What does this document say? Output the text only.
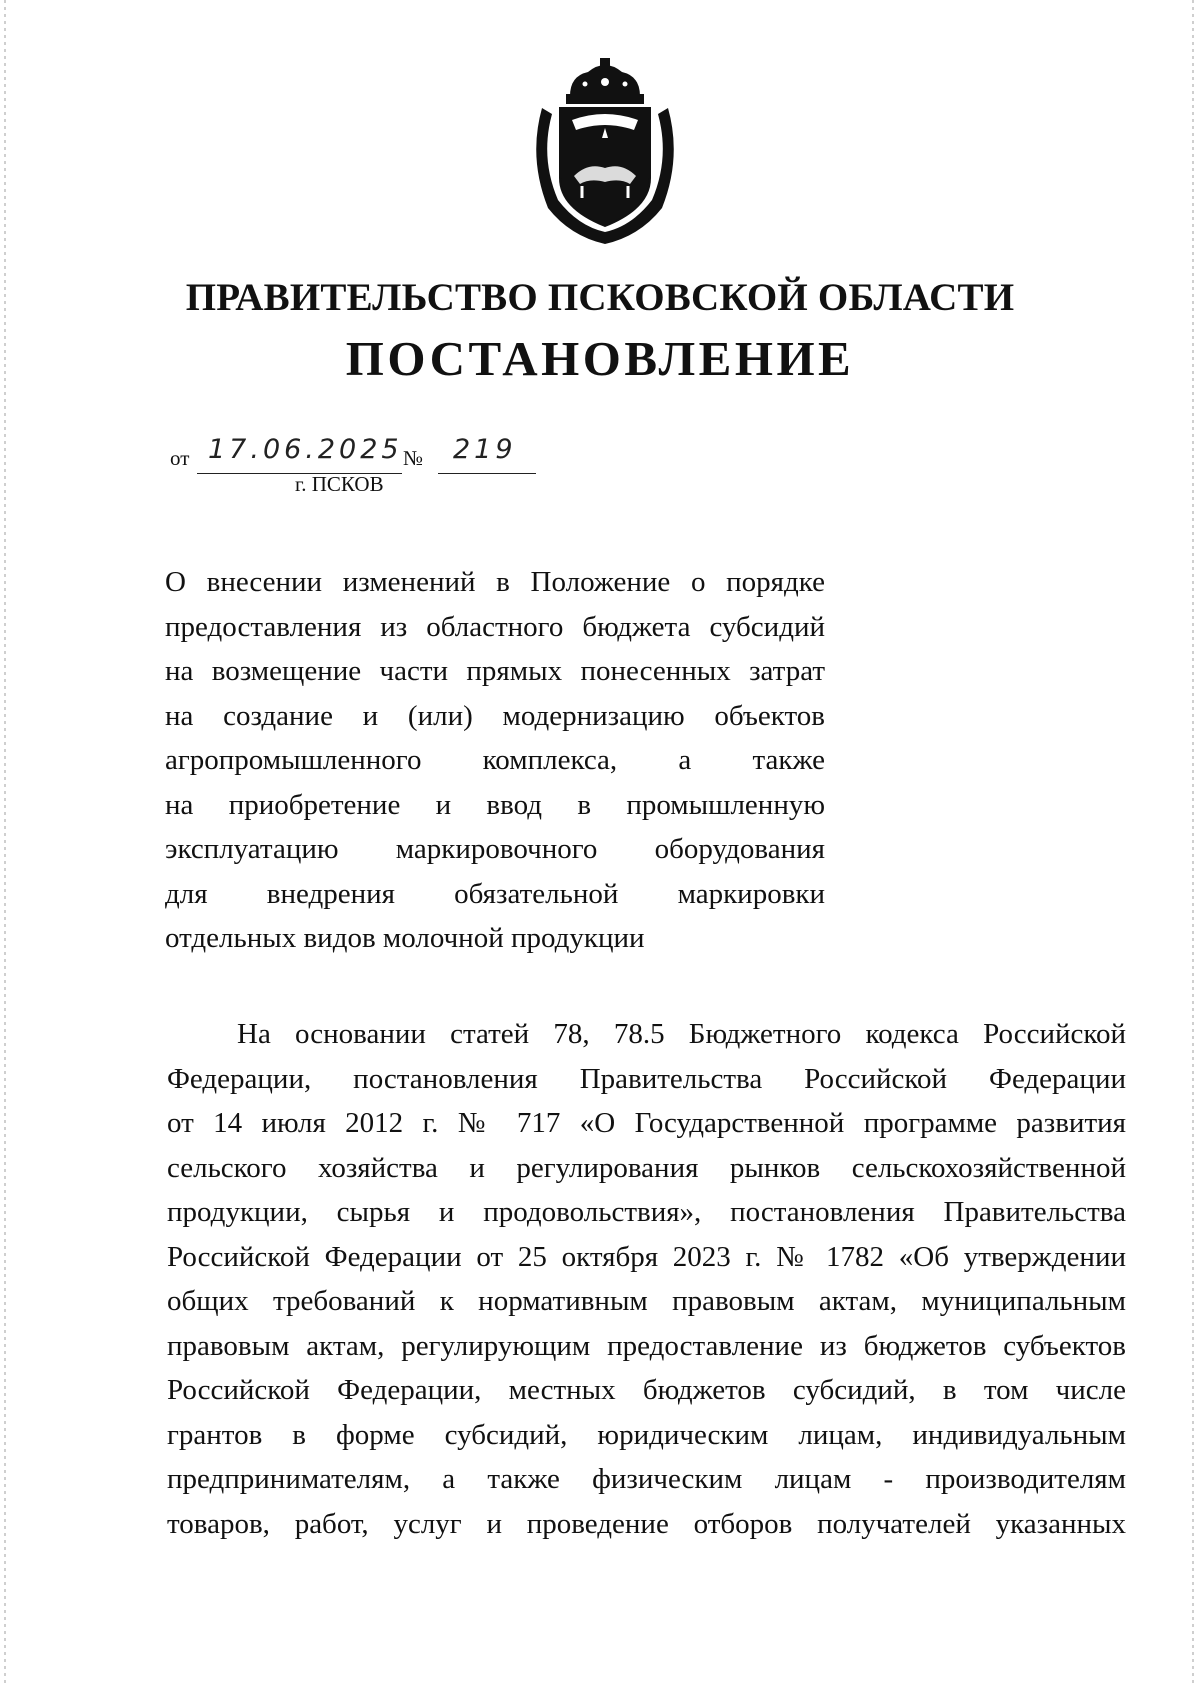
ПРАВИТЕЛЬСТВО ПСКОВСКОЙ ОБЛАСТИ
ПОСТАНОВЛЕНИЕ
от 17.06.2025 № 219
г. ПСКОВ
О внесении изменений в Положение о порядке
предоставления из областного бюджета субсидий
на возмещение части прямых понесенных затрат
на создание и (или) модернизацию объектов
агропромышленного комплекса, а также
на приобретение и ввод в промышленную
эксплуатацию маркировочного оборудования
для внедрения обязательной маркировки
отдельных видов молочной продукции
На основании статей 78, 78.5 Бюджетного кодекса Российской
Федерации, постановления Правительства Российской Федерации
от 14 июля 2012 г. № 717 «О Государственной программе развития
сельского хозяйства и регулирования рынков сельскохозяйственной
продукции, сырья и продовольствия», постановления Правительства
Российской Федерации от 25 октября 2023 г. № 1782 «Об утверждении
общих требований к нормативным правовым актам, муниципальным
правовым актам, регулирующим предоставление из бюджетов субъектов
Российской Федерации, местных бюджетов субсидий, в том числе
грантов в форме субсидий, юридическим лицам, индивидуальным
предпринимателям, а также физическим лицам - производителям
товаров, работ, услуг и проведение отборов получателей указанных
